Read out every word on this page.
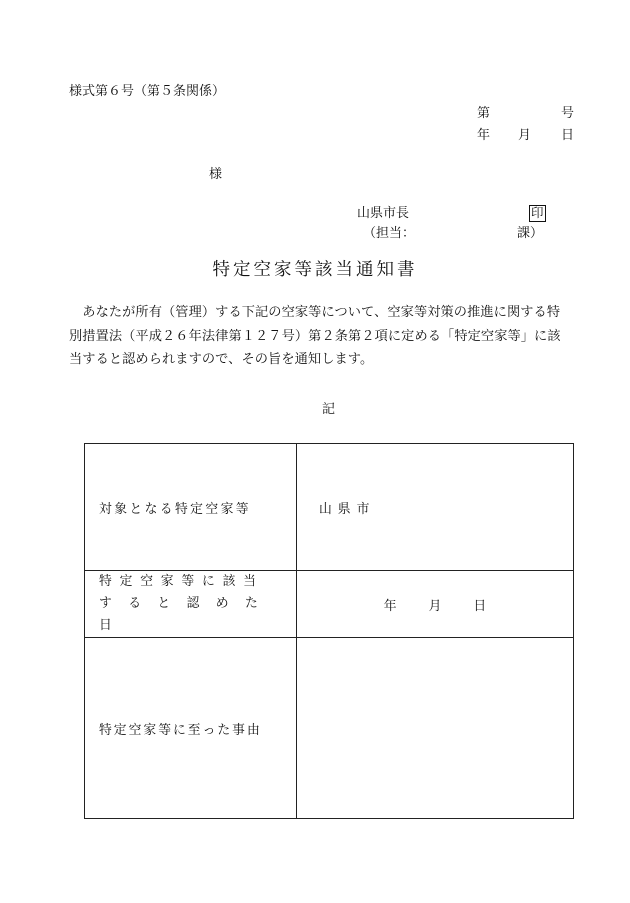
様式第６号（第５条関係）
第	号
年 月 日
様
山県市長	印
（担当：	課）
特定空家等該当通知書
　あなたが所有（管理）する下記の空家等について、空家等対策の推進に関する特
別措置法（平成２６年法律第１２７号）第２条第２項に定める「特定空家等」に該
当すると認められますので、その旨を通知します。
記
対象となる特定空家等	山県市

特定空家等に該当
すると認めた日	年 月 日
特定空家等に至った事由	
